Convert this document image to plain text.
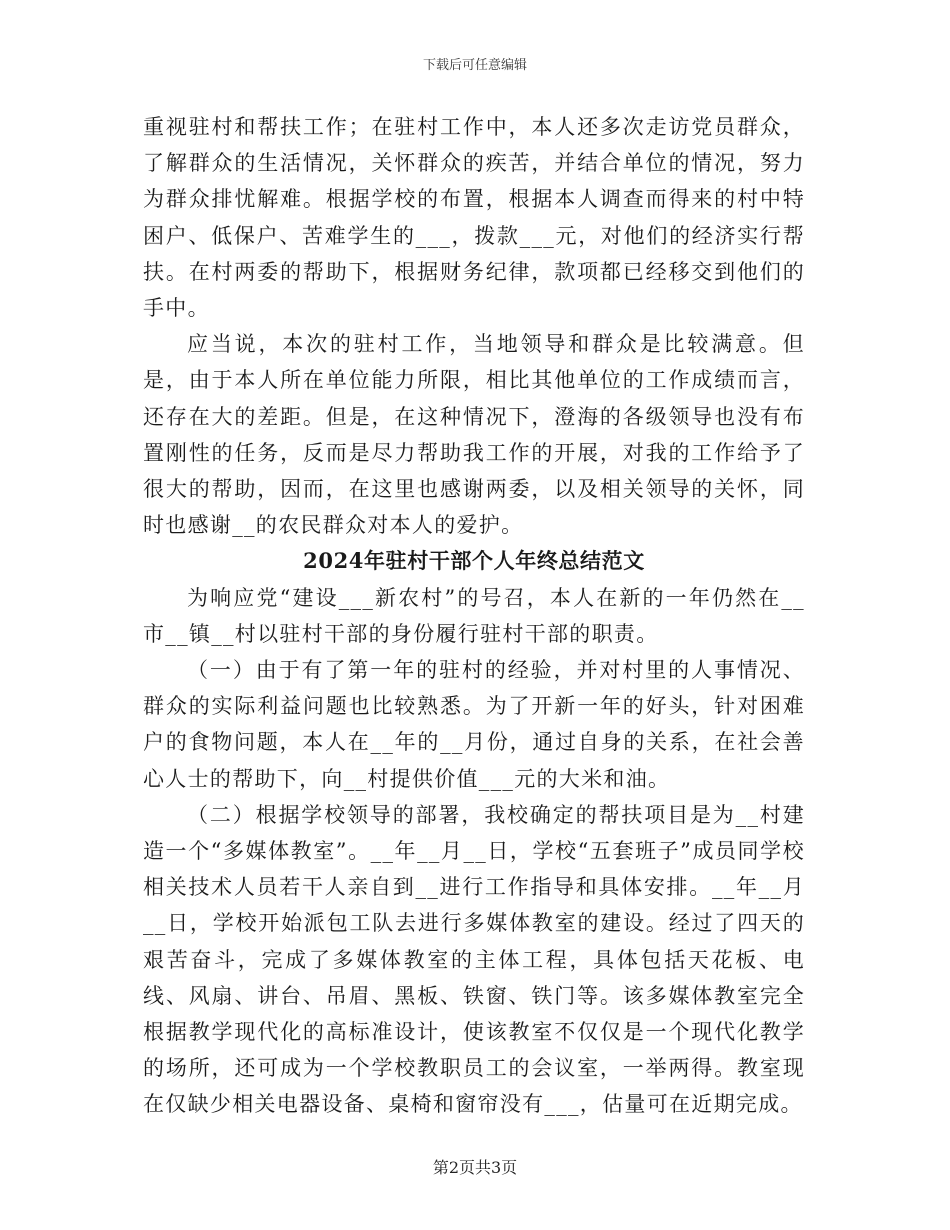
下载后可任意编辑

重视驻村和帮扶工作；在驻村工作中，本人还多次走访党员群众，了解群众的生活情况，关怀群众的疾苦，并结合单位的情况，努力为群众排忧解难。根据学校的布置，根据本人调查而得来的村中特困户、低保户、苦难学生的___，拨款___元，对他们的经济实行帮扶。在村两委的帮助下，根据财务纪律，款项都已经移交到他们的手中。

应当说，本次的驻村工作，当地领导和群众是比较满意。但是，由于本人所在单位能力所限，相比其他单位的工作成绩而言，还存在大的差距。但是，在这种情况下，澄海的各级领导也没有布置刚性的任务，反而是尽力帮助我工作的开展，对我的工作给予了很大的帮助，因而，在这里也感谢两委，以及相关领导的关怀，同时也感谢__的农民群众对本人的爱护。

2024年驻村干部个人年终总结范文

为响应党“建设___新农村”的号召，本人在新的一年仍然在__市__镇__村以驻村干部的身份履行驻村干部的职责。

（一）由于有了第一年的驻村的经验，并对村里的人事情况、群众的实际利益问题也比较熟悉。为了开新一年的好头，针对困难户的食物问题，本人在__年的__月份，通过自身的关系，在社会善心人士的帮助下，向__村提供价值___元的大米和油。

（二）根据学校领导的部署，我校确定的帮扶项目是为__村建造一个“多媒体教室”。__年__月__日，学校“五套班子”成员同学校相关技术人员若干人亲自到__进行工作指导和具体安排。__年__月__日，学校开始派包工队去进行多媒体教室的建设。经过了四天的艰苦奋斗，完成了多媒体教室的主体工程，具体包括天花板、电线、风扇、讲台、吊眉、黑板、铁窗、铁门等。该多媒体教室完全根据教学现代化的高标准设计，使该教室不仅仅是一个现代化教学的场所，还可成为一个学校教职员工的会议室，一举两得。教室现在仅缺少相关电器设备、桌椅和窗帘没有___，估量可在近期完成。

第2页共3页
